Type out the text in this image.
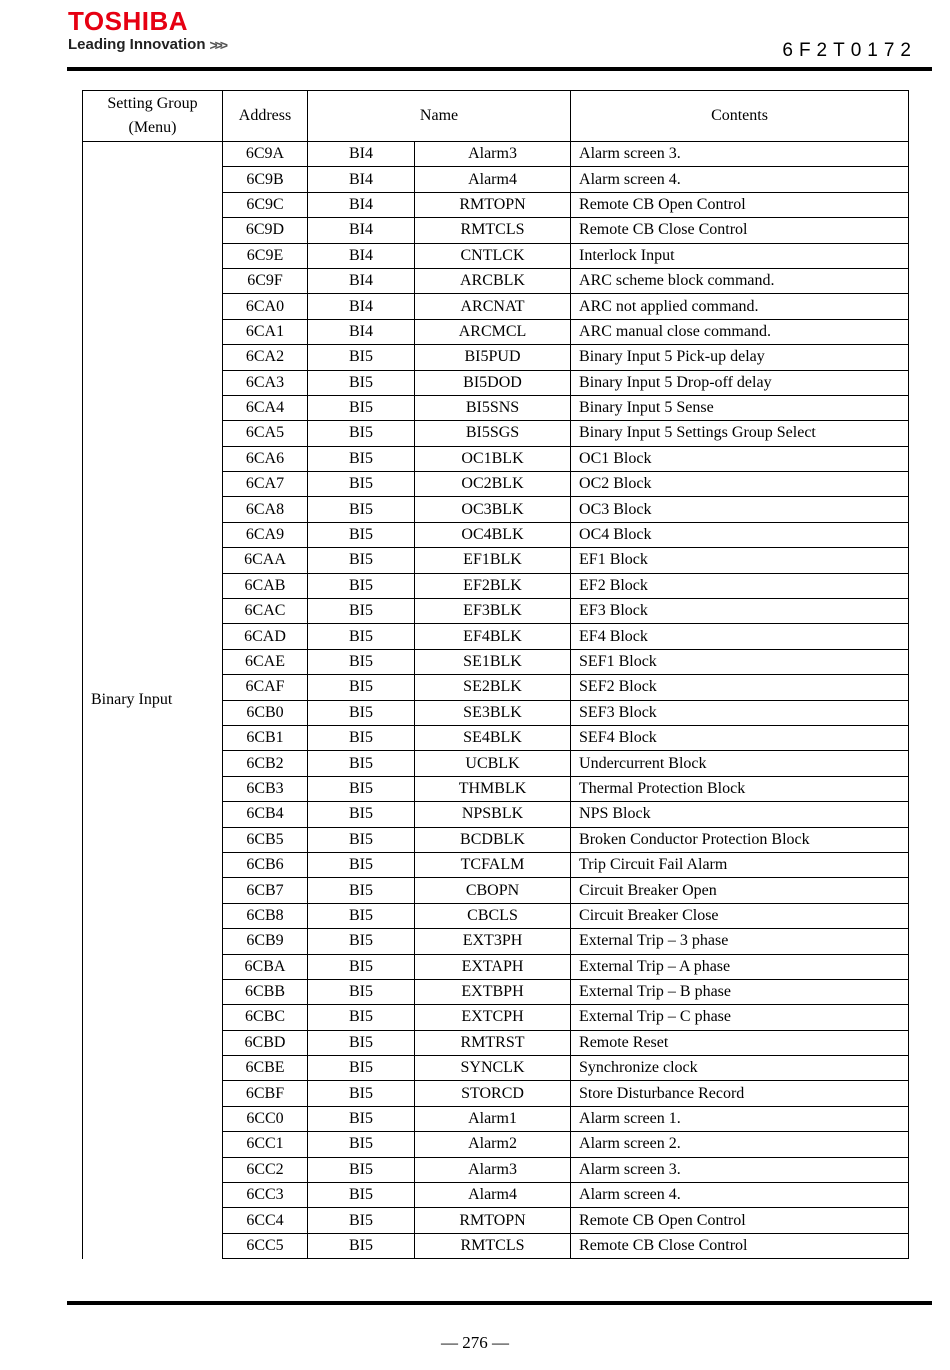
TOSHIBA
Leading Innovation >>>	6F2T0172
Setting Group (Menu)	Address	Name		Contents
Binary Input	6C9A	BI4	Alarm3	Alarm screen 3.
	6C9B	BI4	Alarm4	Alarm screen 4.
	6C9C	BI4	RMTOPN	Remote CB Open Control
	6C9D	BI4	RMTCLS	Remote CB Close Control
	6C9E	BI4	CNTLCK	Interlock Input
	6C9F	BI4	ARCBLK	ARC scheme block command.
	6CA0	BI4	ARCNAT	ARC not applied command.
	6CA1	BI4	ARCMCL	ARC manual close command.
	6CA2	BI5	BI5PUD	Binary Input 5 Pick-up delay
	6CA3	BI5	BI5DOD	Binary Input 5 Drop-off delay
	6CA4	BI5	BI5SNS	Binary Input 5 Sense
	6CA5	BI5	BI5SGS	Binary Input 5 Settings Group Select
	6CA6	BI5	OC1BLK	OC1 Block
	6CA7	BI5	OC2BLK	OC2 Block
	6CA8	BI5	OC3BLK	OC3 Block
	6CA9	BI5	OC4BLK	OC4 Block
	6CAA	BI5	EF1BLK	EF1 Block
	6CAB	BI5	EF2BLK	EF2 Block
	6CAC	BI5	EF3BLK	EF3 Block
	6CAD	BI5	EF4BLK	EF4 Block
	6CAE	BI5	SE1BLK	SEF1 Block
	6CAF	BI5	SE2BLK	SEF2 Block
	6CB0	BI5	SE3BLK	SEF3 Block
	6CB1	BI5	SE4BLK	SEF4 Block
	6CB2	BI5	UCBLK	Undercurrent Block
	6CB3	BI5	THMBLK	Thermal Protection Block
	6CB4	BI5	NPSBLK	NPS Block
	6CB5	BI5	BCDBLK	Broken Conductor Protection Block
	6CB6	BI5	TCFALM	Trip Circuit Fail Alarm
	6CB7	BI5	CBOPN	Circuit Breaker Open
	6CB8	BI5	CBCLS	Circuit Breaker Close
	6CB9	BI5	EXT3PH	External Trip – 3 phase
	6CBA	BI5	EXTAPH	External Trip – A phase
	6CBB	BI5	EXTBPH	External Trip – B phase
	6CBC	BI5	EXTCPH	External Trip – C phase
	6CBD	BI5	RMTRST	Remote Reset
	6CBE	BI5	SYNCLK	Synchronize clock
	6CBF	BI5	STORCD	Store Disturbance Record
	6CC0	BI5	Alarm1	Alarm screen 1.
	6CC1	BI5	Alarm2	Alarm screen 2.
	6CC2	BI5	Alarm3	Alarm screen 3.
	6CC3	BI5	Alarm4	Alarm screen 4.
	6CC4	BI5	RMTOPN	Remote CB Open Control
	6CC5	BI5	RMTCLS	Remote CB Close Control
— 276 —
